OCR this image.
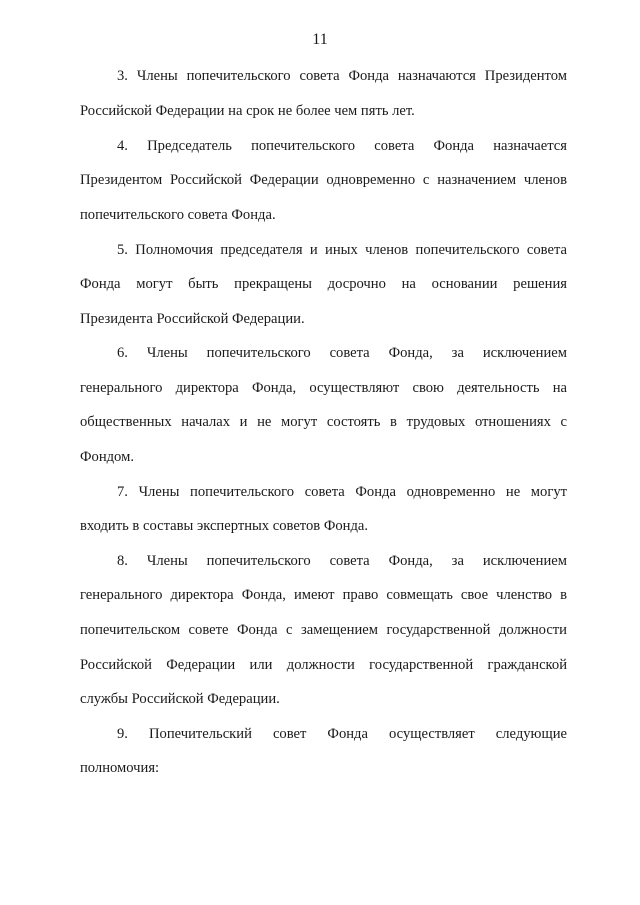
11
3. Члены попечительского совета Фонда назначаются Президентом
Российской Федерации на срок не более чем пять лет.
4. Председатель попечительского совета Фонда назначается
Президентом Российской Федерации одновременно с назначением членов
попечительского совета Фонда.
5. Полномочия председателя и иных членов попечительского совета
Фонда могут быть прекращены досрочно на основании решения
Президента Российской Федерации.
6. Члены попечительского совета Фонда, за исключением
генерального директора Фонда, осуществляют свою деятельность на
общественных началах и не могут состоять в трудовых отношениях с
Фондом.
7. Члены попечительского совета Фонда одновременно не могут
входить в составы экспертных советов Фонда.
8. Члены попечительского совета Фонда, за исключением
генерального директора Фонда, имеют право совмещать свое членство в
попечительском совете Фонда с замещением государственной должности
Российской Федерации или должности государственной гражданской
службы Российской Федерации.
9. Попечительский совет Фонда осуществляет следующие
полномочия:
